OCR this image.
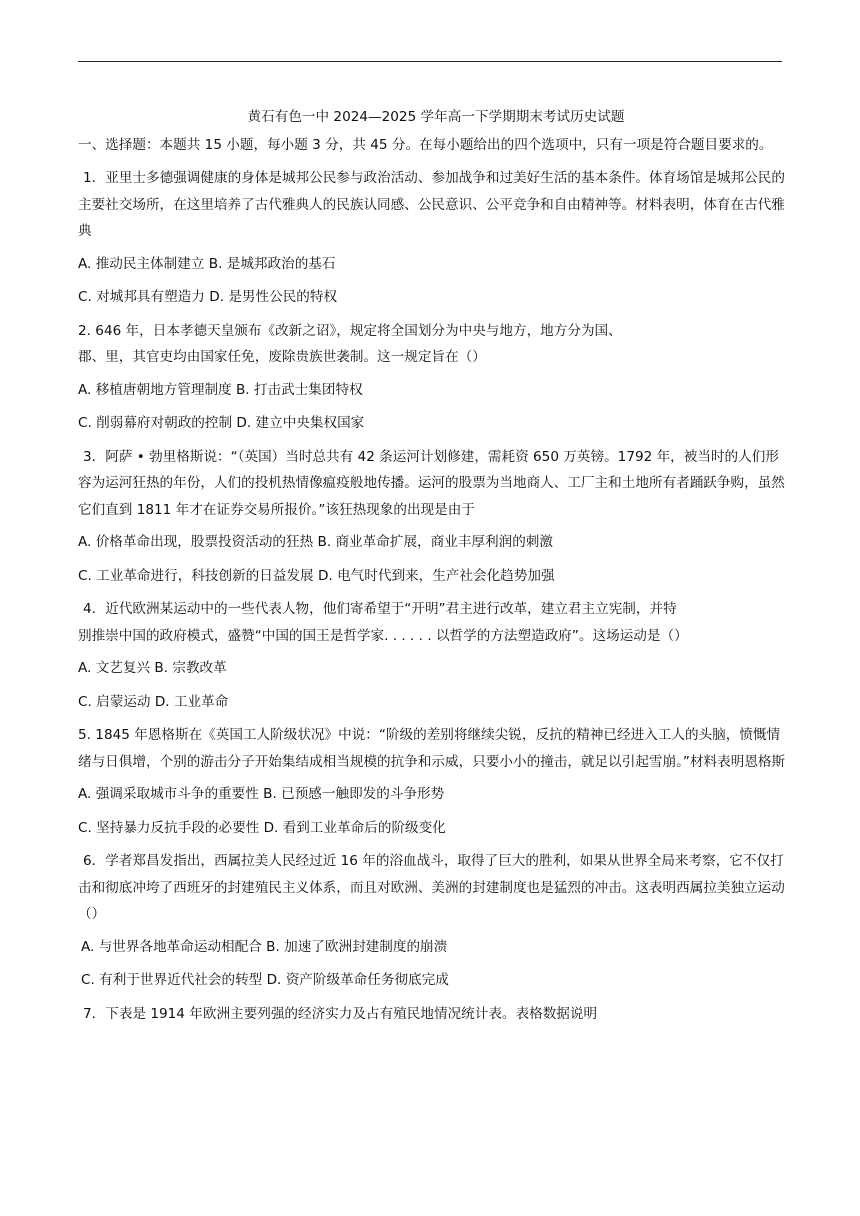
黄石有色一中 2024—2025 学年高一下学期期末考试历史试题

一、选择题：本题共 15 小题，每小题 3 分，共 45 分。在每小题给出的四个选项中，只有一项是符合题目要求的。

1．亚里士多德强调健康的身体是城邦公民参与政治活动、参加战争和过美好生活的基本条件。体育场馆是城邦公民的主要社交场所，在这里培养了古代雅典人的民族认同感、公民意识、公平竞争和自由精神等。材料表明，体育在古代雅典

A. 推动民主体制建立 B. 是城邦政治的基石

C. 对城邦具有塑造力 D. 是男性公民的特权

2. 646 年，日本孝德天皇颁布《改新之诏》，规定将全国划分为中央与地方，地方分为国、

郡、里，其官吏均由国家任免，废除贵族世袭制。这一规定旨在（）

A. 移植唐朝地方管理制度 B. 打击武士集团特权

C. 削弱幕府对朝政的控制 D. 建立中央集权国家

3．阿萨 • 勃里格斯说：“（英国）当时总共有 42 条运河计划修建，需耗资 650 万英镑。1792 年，被当时的人们形容为运河狂热的年份，人们的投机热情像瘟疫般地传播。运河的股票为当地商人、工厂主和土地所有者踊跃争购，虽然它们直到 1811 年才在证券交易所报价。”该狂热现象的出现是由于

A. 价格革命出现，股票投资活动的狂热 B. 商业革命扩展，商业丰厚利润的刺激

C. 工业革命进行，科技创新的日益发展 D. 电气时代到来，生产社会化趋势加强

4．近代欧洲某运动中的一些代表人物，他们寄希望于“开明”君主进行改革，建立君主立宪制，并特

别推崇中国的政府模式，盛赞“中国的国王是哲学家. . . . . . 以哲学的方法塑造政府”。这场运动是（）

A. 文艺复兴 B. 宗教改革

C. 启蒙运动 D. 工业革命

5. 1845 年恩格斯在《英国工人阶级状况》中说：“阶级的差别将继续尖锐，反抗的精神已经进入工人的头脑，愤慨情绪与日俱增，个别的游击分子开始集结成相当规模的抗争和示威，只要小小的撞击，就足以引起雪崩。”材料表明恩格斯

A. 强调采取城市斗争的重要性 B. 已预感一触即发的斗争形势

C. 坚持暴力反抗手段的必要性 D. 看到工业革命后的阶级变化

6．学者郑昌发指出，西属拉美人民经过近 16 年的浴血战斗，取得了巨大的胜利，如果从世界全局来考察，它不仅打击和彻底冲垮了西班牙的封建殖民主义体系，而且对欧洲、美洲的封建制度也是猛烈的冲击。这表明西属拉美独立运动（）

A. 与世界各地革命运动相配合 B. 加速了欧洲封建制度的崩溃

C. 有利于世界近代社会的转型 D. 资产阶级革命任务彻底完成

7．下表是 1914 年欧洲主要列强的经济实力及占有殖民地情况统计表。表格数据说明
